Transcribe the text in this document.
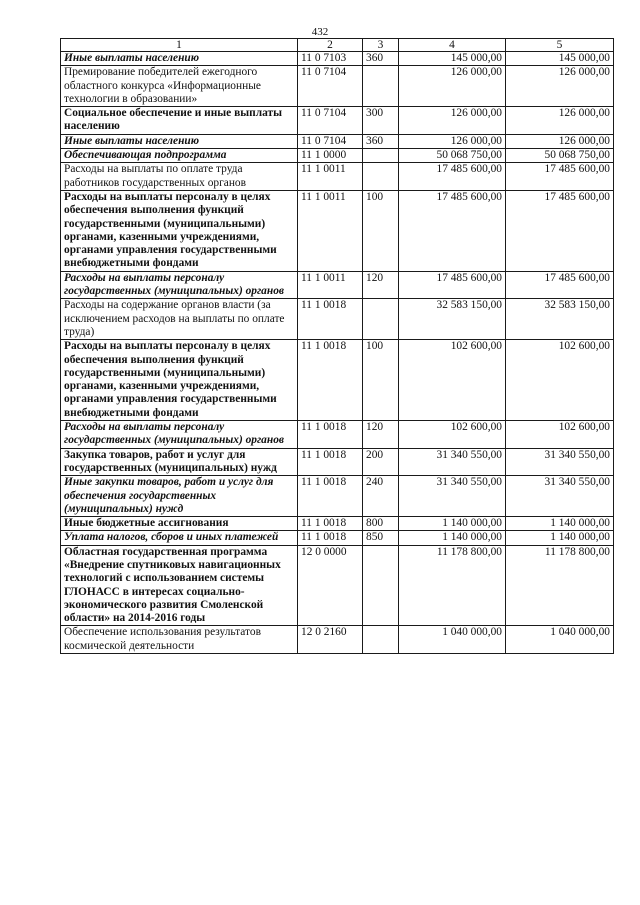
432
1	2	3	4	5
Иные выплаты населению	11 0 7103	360	145 000,00	145 000,00
Премирование победителей ежегодного областного конкурса «Информационные технологии в образовании»	11 0 7104		126 000,00	126 000,00
Социальное обеспечение и иные выплаты населению	11 0 7104	300	126 000,00	126 000,00
Иные выплаты населению	11 0 7104	360	126 000,00	126 000,00
Обеспечивающая подпрограмма	11 1 0000		50 068 750,00	50 068 750,00
Расходы на выплаты по оплате труда работников государственных органов	11 1 0011		17 485 600,00	17 485 600,00
Расходы на выплаты персоналу в целях обеспечения выполнения функций государственными (муниципальными) органами, казенными учреждениями, органами управления государственными внебюджетными фондами	11 1 0011	100	17 485 600,00	17 485 600,00
Расходы на выплаты персоналу государственных (муниципальных) органов	11 1 0011	120	17 485 600,00	17 485 600,00
Расходы на содержание органов власти (за исключением расходов на выплаты по оплате труда)	11 1 0018		32 583 150,00	32 583 150,00
Расходы на выплаты персоналу в целях обеспечения выполнения функций государственными (муниципальными) органами, казенными учреждениями, органами управления государственными внебюджетными фондами	11 1 0018	100	102 600,00	102 600,00
Расходы на выплаты персоналу государственных (муниципальных) органов	11 1 0018	120	102 600,00	102 600,00
Закупка товаров, работ и услуг для государственных (муниципальных) нужд	11 1 0018	200	31 340 550,00	31 340 550,00
Иные закупки товаров, работ и услуг для обеспечения государственных (муниципальных) нужд	11 1 0018	240	31 340 550,00	31 340 550,00
Иные бюджетные ассигнования	11 1 0018	800	1 140 000,00	1 140 000,00
Уплата налогов, сборов и иных платежей	11 1 0018	850	1 140 000,00	1 140 000,00
Областная государственная программа «Внедрение спутниковых навигационных технологий с использованием системы ГЛОНАСС в интересах социально-экономического развития Смоленской области» на 2014-2016 годы	12 0 0000		11 178 800,00	11 178 800,00
Обеспечение использования результатов космической деятельности	12 0 2160		1 040 000,00	1 040 000,00
